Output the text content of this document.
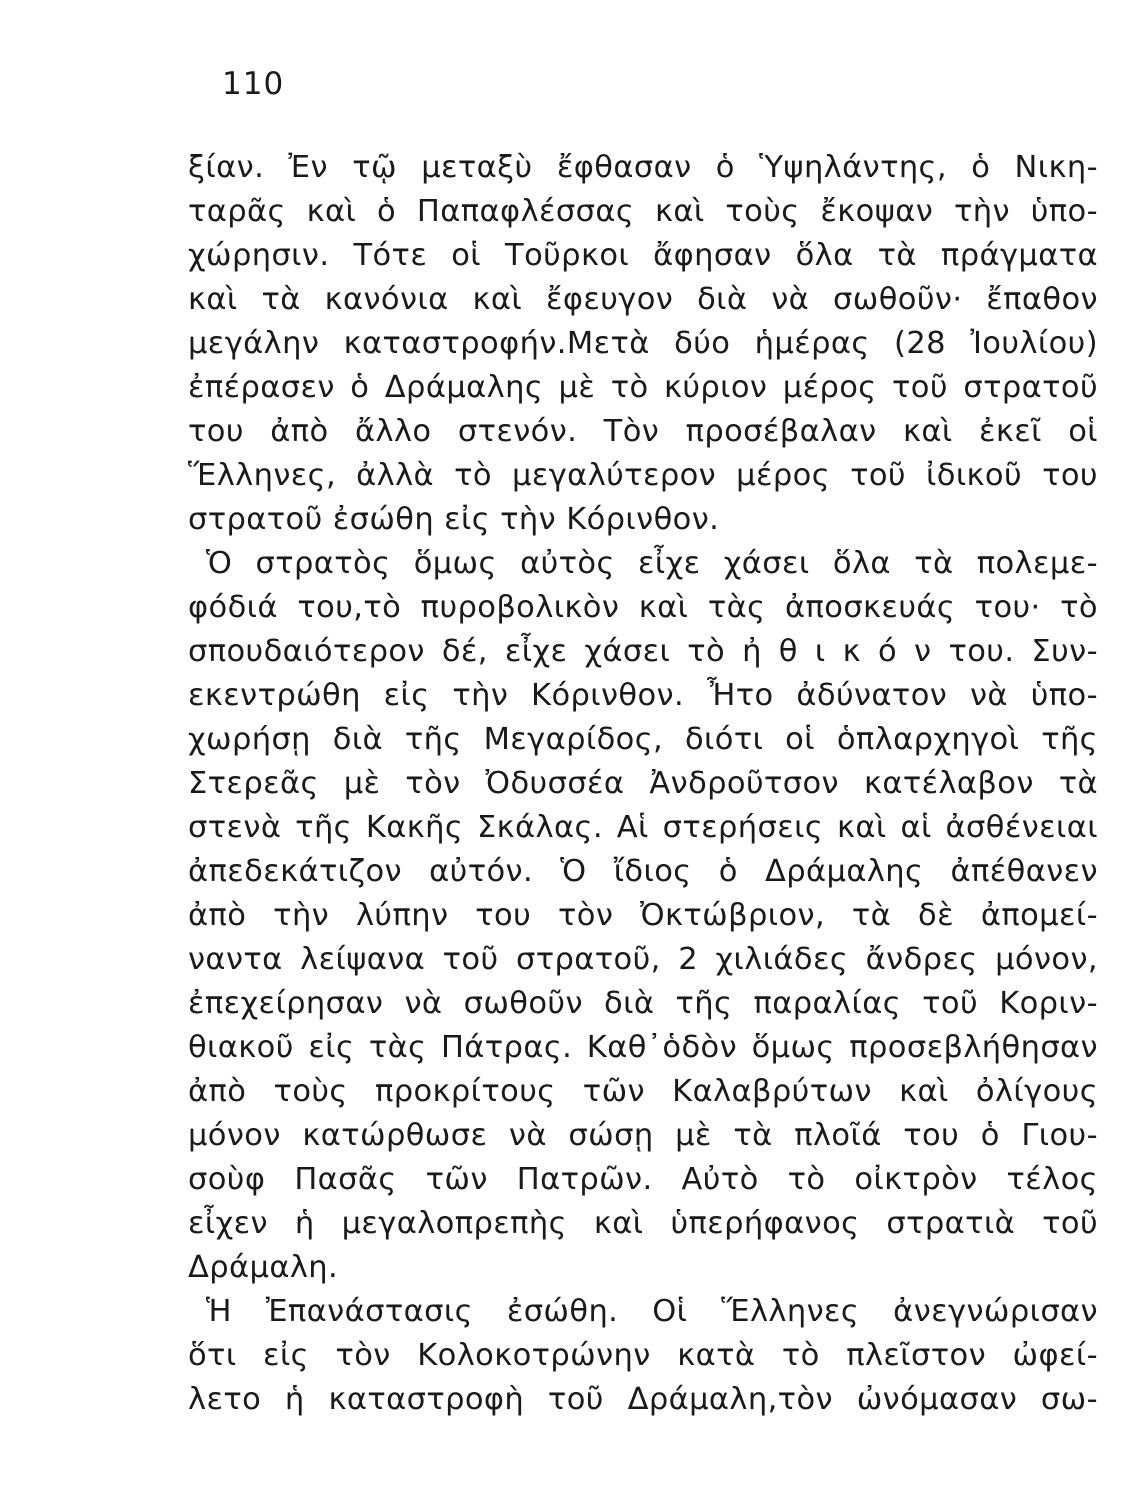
110
ξίαν. Ἐν τῷ μεταξὺ ἔφθασαν ὁ Ὑψηλάντης, ὁ Νικη-
ταρᾶς καὶ ὁ Παπαφλέσσας καὶ τοὺς ἔκοψαν τὴν ὑπο-
χώρησιν. Τότε οἱ Τοῦρκοι ἄφησαν ὅλα τὰ πράγματα
καὶ τὰ κανόνια καὶ ἔφευγον διὰ νὰ σωθοῦν· ἔπαθον
μεγάλην καταστροφήν.Μετὰ δύο ἡμέρας (28 Ἰουλίου)
ἐπέρασεν ὁ Δράμαλης μὲ τὸ κύριον μέρος τοῦ στρατοῦ
του ἀπὸ ἄλλο στενόν. Τὸν προσέβαλαν καὶ ἐκεῖ οἱ
Ἕλληνες, ἀλλὰ τὸ μεγαλύτερον μέρος τοῦ ἰδικοῦ του
στρατοῦ ἐσώθη εἰς τὴν Κόρινθον.
Ὁ στρατὸς ὅμως αὐτὸς εἶχε χάσει ὅλα τὰ πολεμε-
φόδιά του,τὸ πυροβολικὸν καὶ τὰς ἀποσκευάς του· τὸ
σπουδαιότερον δέ, εἶχε χάσει τὸ ἠ θ ι κ ό ν του. Συν-
εκεντρώθη εἰς τὴν Κόρινθον. Ἦτο ἀδύνατον νὰ ὑπο-
χωρήσῃ διὰ τῆς Μεγαρίδος, διότι οἱ ὁπλαρχηγοὶ τῆς
Στερεᾶς μὲ τὸν Ὀδυσσέα Ἀνδροῦτσον κατέλαβον τὰ
στενὰ τῆς Κακῆς Σκάλας. Αἱ στερήσεις καὶ αἱ ἀσθένειαι
ἀπεδεκάτιζον αὐτόν. Ὁ ἴδιος ὁ Δράμαλης ἀπέθανεν
ἀπὸ τὴν λύπην του τὸν Ὀκτώβριον, τὰ δὲ ἀπομεί-
ναντα λείψανα τοῦ στρατοῦ, 2 χιλιάδες ἄνδρες μόνον,
ἐπεχείρησαν νὰ σωθοῦν διὰ τῆς παραλίας τοῦ Κοριν-
θιακοῦ εἰς τὰς Πάτρας. Καθ᾽ὁδὸν ὅμως προσεβλήθησαν
ἀπὸ τοὺς προκρίτους τῶν Καλαβρύτων καὶ ὀλίγους
μόνον κατώρθωσε νὰ σώσῃ μὲ τὰ πλοῖά του ὁ Γιου-
σοὺφ Πασᾶς τῶν Πατρῶν. Αὐτὸ τὸ οἰκτρὸν τέλος
εἶχεν ἡ μεγαλοπρεπὴς καὶ ὑπερήφανος στρατιὰ τοῦ
Δράμαλη.
Ἡ Ἐπανάστασις ἐσώθη. Οἱ Ἕλληνες ἀνεγνώρισαν
ὅτι εἰς τὸν Κολοκοτρώνην κατὰ τὸ πλεῖστον ὠφεί-
λετο ἡ καταστροφὴ τοῦ Δράμαλη,τὸν ὠνόμασαν σω-
